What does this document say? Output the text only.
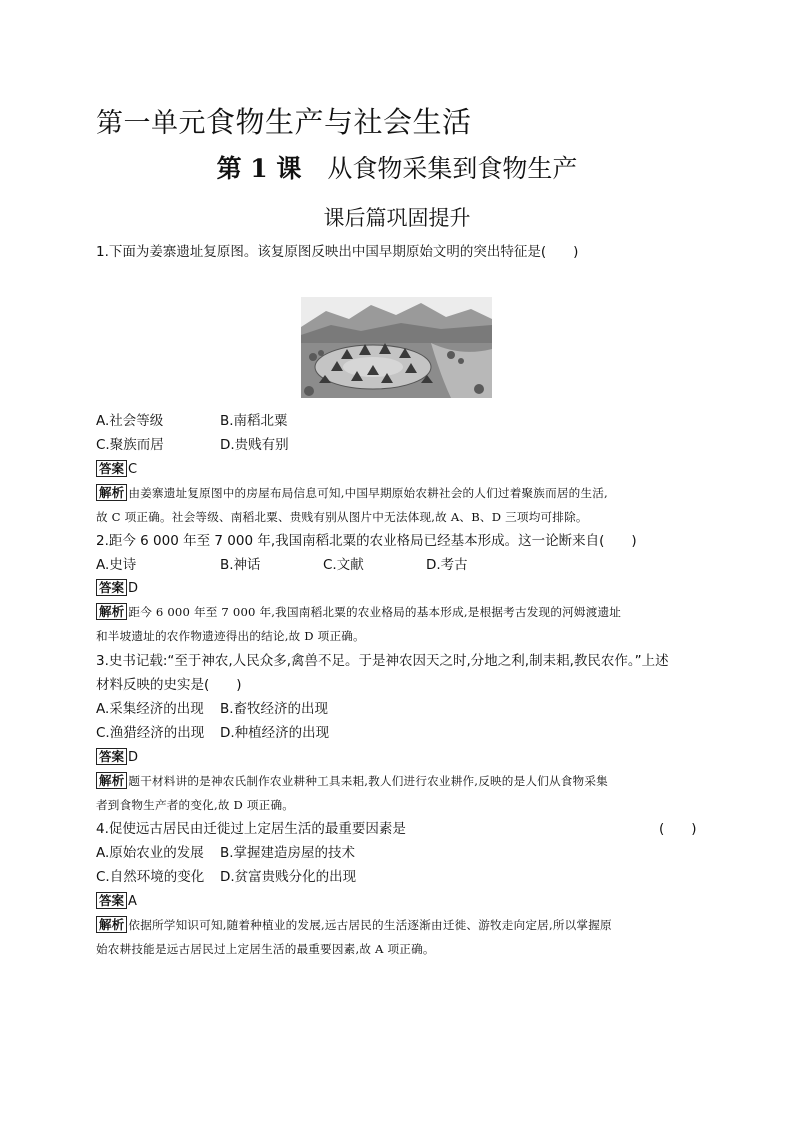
第一单元食物生产与社会生活
第 1 课 从食物采集到食物生产
课后篇巩固提升
1.下面为姜寨遗址复原图。该复原图反映出中国早期原始文明的突出特征是(　　)
A.社会等级	B.南稻北粟
C.聚族而居	D.贵贱有别
答案 C
解析 由姜寨遗址复原图中的房屋布局信息可知,中国早期原始农耕社会的人们过着聚族而居的生活,
故 C 项正确。社会等级、南稻北粟、贵贱有别从图片中无法体现,故 A、B、D 三项均可排除。
2.距今 6 000 年至 7 000 年,我国南稻北粟的农业格局已经基本形成。这一论断来自(　　)
A.史诗	B.神话	C.文献	D.考古
答案 D
解析 距今 6 000 年至 7 000 年,我国南稻北粟的农业格局的基本形成,是根据考古发现的河姆渡遗址
和半坡遗址的农作物遗迹得出的结论,故 D 项正确。
3.史书记载:“至于神农,人民众多,禽兽不足。于是神农因天之时,分地之利,制耒耜,教民农作。”上述
材料反映的史实是(　　)
A.采集经济的出现 B.畜牧经济的出现
C.渔猎经济的出现 D.种植经济的出现
答案 D
解析 题干材料讲的是神农氏制作农业耕种工具耒耜,教人们进行农业耕作,反映的是人们从食物采集
者到食物生产者的变化,故 D 项正确。
4.促使远古居民由迁徙过上定居生活的最重要因素是	(　　)
A.原始农业的发展 B.掌握建造房屋的技术
C.自然环境的变化 D.贫富贵贱分化的出现
答案 A
解析 依据所学知识可知,随着种植业的发展,远古居民的生活逐渐由迁徙、游牧走向定居,所以掌握原
始农耕技能是远古居民过上定居生活的最重要因素,故 A 项正确。
